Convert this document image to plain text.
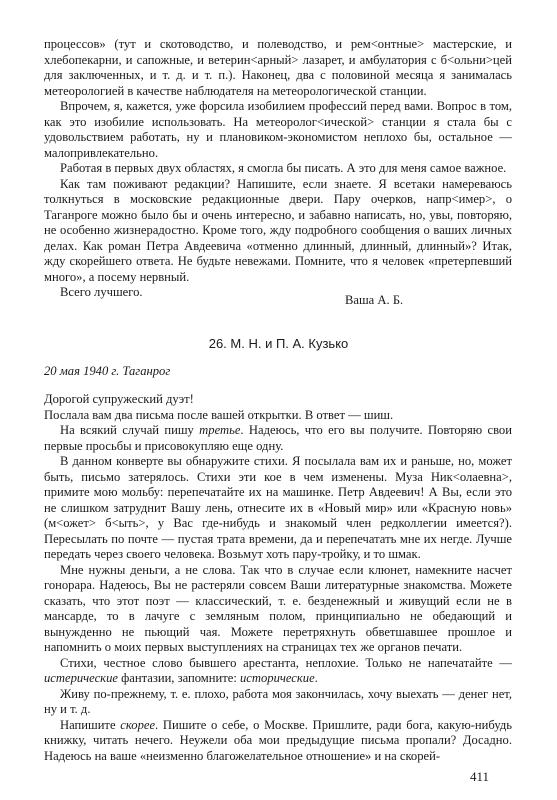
процессов» (тут и скотоводство, и полеводство, и рем<онтные> мастерские, и хлебопекарни, и сапожные, и ветерин<арный> лазарет, и амбулатория с б<ольни>цей для заключенных, и т. д. и т. п.). Наконец, два с половиной месяца я занималась метеорологией в качестве наблюдателя на метеорологической станции.

Впрочем, я, кажется, уже форсила изобилием профессий перед вами. Вопрос в том, как это изобилие использовать. На метеоролог<ической> станции я стала бы с удовольствием работать, ну и плановиком-экономистом неплохо бы, остальное — малопривлекательно.

Работая в первых двух областях, я смогла бы писать. А это для меня самое важное.

Как там поживают редакции? Напишите, если знаете. Я всетаки намереваюсь толкнуться в московские редакционные двери. Пару очерков, напр<имер>, о Таганроге можно было бы и очень интересно, и забавно написать, но, увы, повторяю, не особенно жизнерадостно. Кроме того, жду подробного сообщения о ваших личных делах. Как роман Петра Авдеевича «отменно длинный, длинный, длинный»? Итак, жду скорейшего ответа. Не будьте невежами. Помните, что я человек «претерпевший много», а посему нервный.

Всего лучшего.

Ваша А. Б.
26. М. Н. и П. А. Кузько
20 мая 1940 г. Таганрог

Дорогой супружеский дуэт!

Послала вам два письма после вашей открытки. В ответ — шиш.

На всякий случай пишу третье. Надеюсь, что его вы получите. Повторяю свои первые просьбы и присовокупляю еще одну.

В данном конверте вы обнаружите стихи. Я посылала вам их и раньше, но, может быть, письмо затерялось. Стихи эти кое в чем изменены. Муза Ник<олаевна>, примите мою мольбу: перепечатайте их на машинке. Петр Авдеевич! А Вы, если это не слишком затруднит Вашу лень, отнесите их в «Новый мир» или «Красную новь» (м<ожет> б<ыть>, у Вас где-нибудь и знакомый член редколлегии имеется?). Пересылать по почте — пустая трата времени, да и перепечатать мне их негде. Лучше передать через своего человека. Возьмут хоть пару-тройку, и то шмак.

Мне нужны деньги, а не слова. Так что в случае если клюнет, намекните насчет гонорара. Надеюсь, Вы не растеряли совсем Ваши литературные знакомства. Можете сказать, что этот поэт — классический, т. е. безденежный и живущий если не в мансарде, то в лачуге с земляным полом, принципиально не обедающий и вынужденно не пьющий чая. Можете перетряхнуть обветшавшее прошлое и напомнить о моих первых выступлениях на страницах тех же органов печати.

Стихи, честное слово бывшего арестанта, неплохие. Только не напечатайте — истерические фантазии, запомните: исторические.

Живу по-прежнему, т. е. плохо, работа моя закончилась, хочу выехать — денег нет, ну и т. д.

Напишите скорее. Пишите о себе, о Москве. Пришлите, ради бога, какую-нибудь книжку, читать нечего. Неужели оба мои предыдущие письма пропали? Досадно. Надеюсь на ваше «неизменно благожелательное отношение» и на скорей-

411
